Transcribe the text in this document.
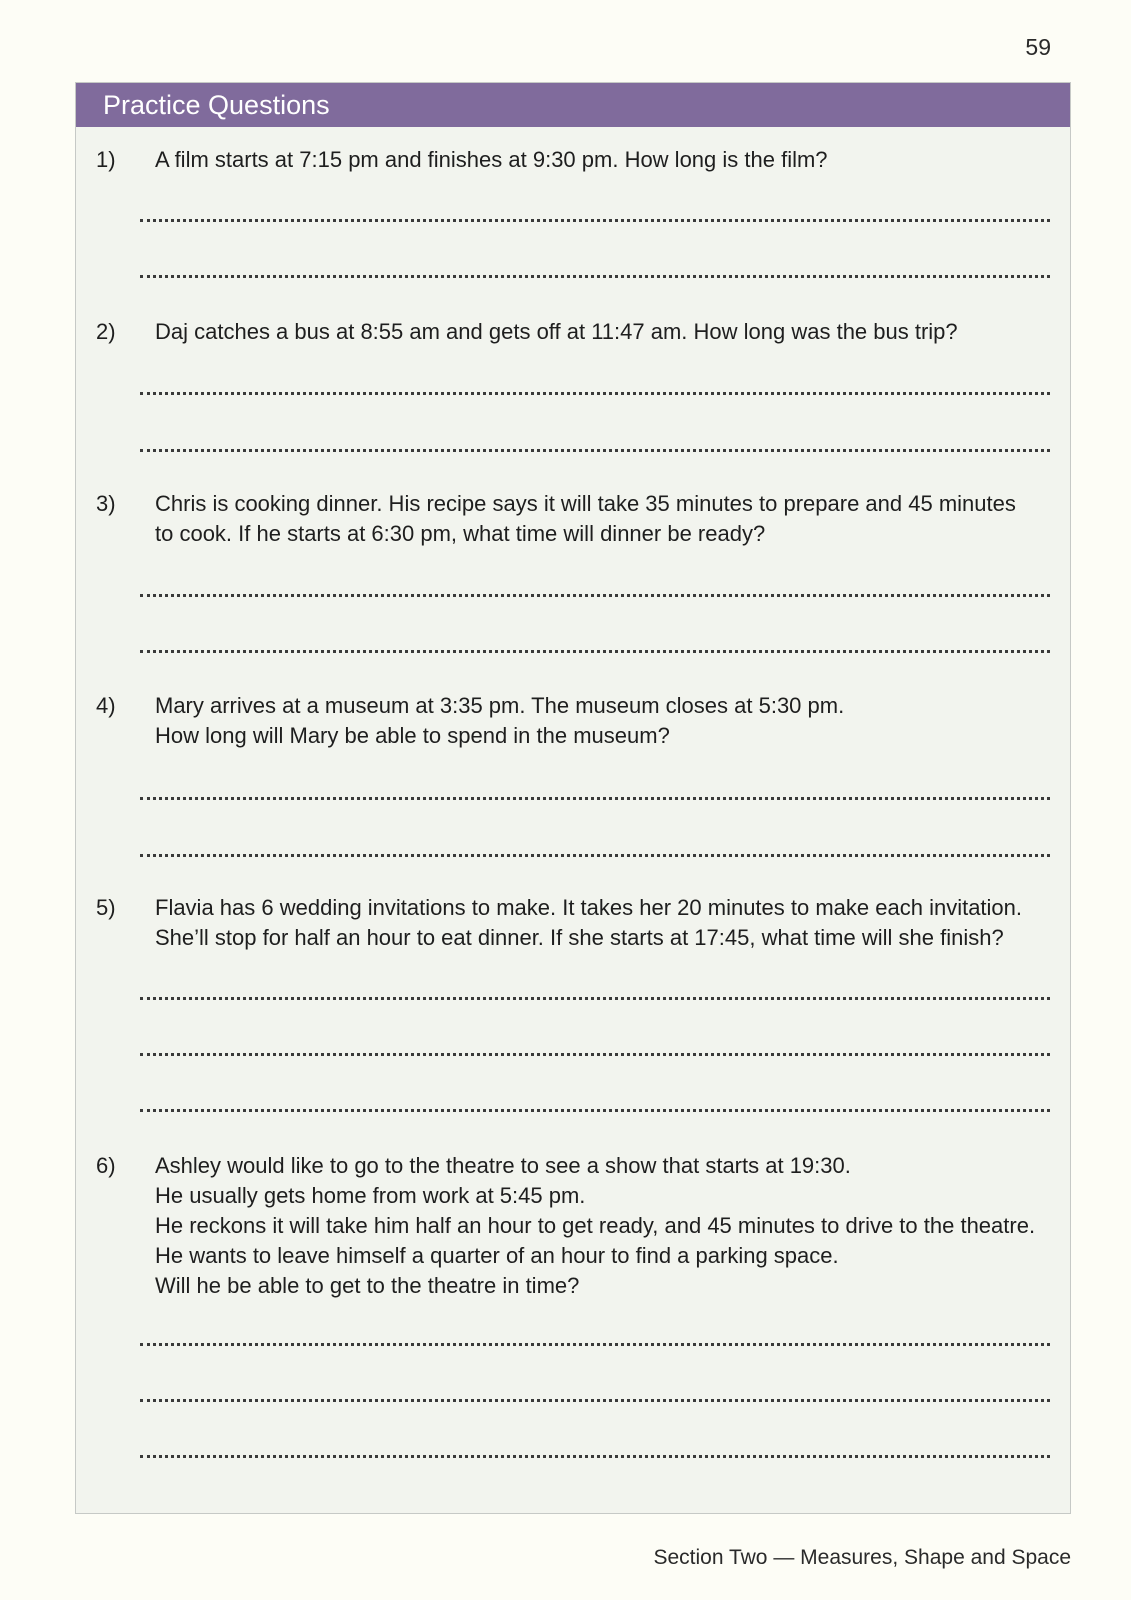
59
Practice Questions
1)	A film starts at 7:15 pm and finishes at 9:30 pm. How long is the film?
2)	Daj catches a bus at 8:55 am and gets off at 11:47 am. How long was the bus trip?
3)	Chris is cooking dinner. His recipe says it will take 35 minutes to prepare and 45 minutes
to cook. If he starts at 6:30 pm, what time will dinner be ready?
4)	Mary arrives at a museum at 3:35 pm. The museum closes at 5:30 pm.
How long will Mary be able to spend in the museum?
5)	Flavia has 6 wedding invitations to make. It takes her 20 minutes to make each invitation.
She’ll stop for half an hour to eat dinner. If she starts at 17:45, what time will she finish?
6)	Ashley would like to go to the theatre to see a show that starts at 19:30.
He usually gets home from work at 5:45 pm.
He reckons it will take him half an hour to get ready, and 45 minutes to drive to the theatre.
He wants to leave himself a quarter of an hour to find a parking space.
Will he be able to get to the theatre in time?
Section Two — Measures, Shape and Space
